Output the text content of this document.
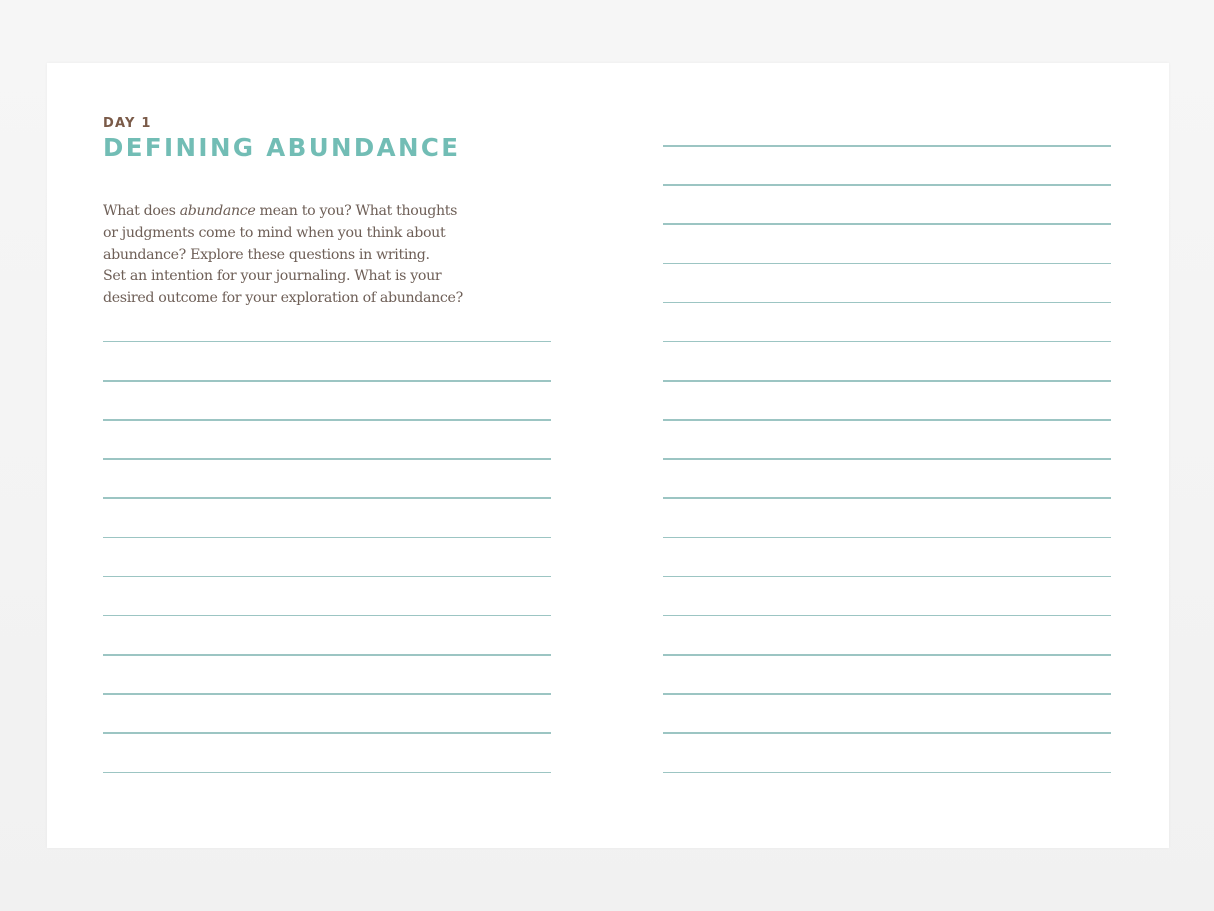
DAY 1
DEFINING ABUNDANCE
What does abundance mean to you? What thoughts
or judgments come to mind when you think about
abundance? Explore these questions in writing.
Set an intention for your journaling. What is your
desired outcome for your exploration of abundance?
